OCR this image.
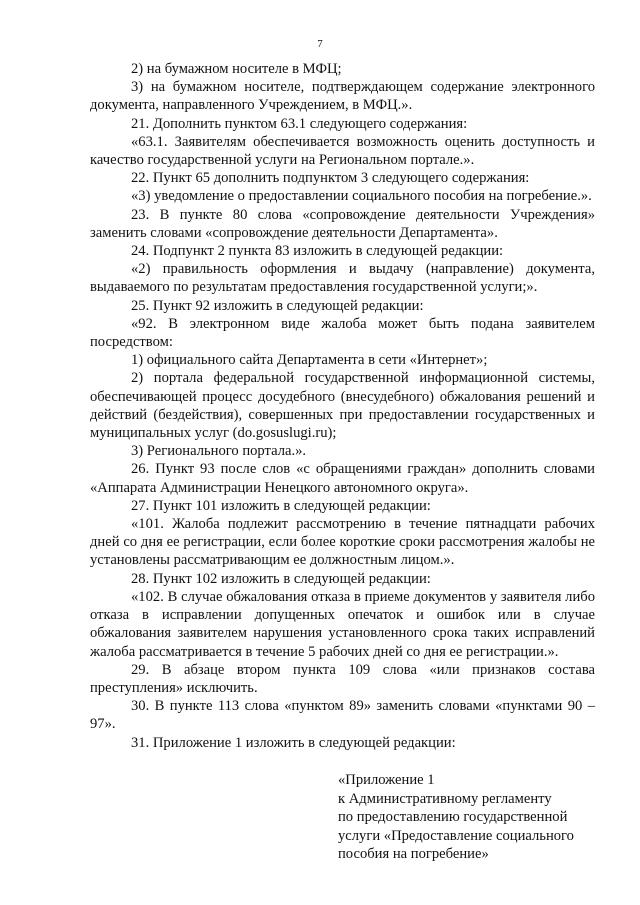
7

2) на бумажном носителе в МФЦ;

3) на бумажном носителе, подтверждающем содержание электронного документа, направленного Учреждением, в МФЦ.».

21. Дополнить пунктом 63.1 следующего содержания:

«63.1. Заявителям обеспечивается возможность оценить доступность и качество государственной услуги на Региональном портале.».

22. Пункт 65 дополнить подпунктом 3 следующего содержания:

«3) уведомление о предоставлении социального пособия на погребение.».

23. В пункте 80 слова «сопровождение деятельности Учреждения» заменить словами «сопровождение деятельности Департамента».

24. Подпункт 2 пункта 83 изложить в следующей редакции:

«2) правильность оформления и выдачу (направление) документа, выдаваемого по результатам предоставления государственной услуги;».

25. Пункт 92 изложить в следующей редакции:

«92. В электронном виде жалоба может быть подана заявителем посредством:

1) официального сайта Департамента в сети «Интернет»;

2) портала федеральной государственной информационной системы, обеспечивающей процесс досудебного (внесудебного) обжалования решений и действий (бездействия), совершенных при предоставлении государственных и муниципальных услуг (do.gosuslugi.ru);

3) Регионального портала.».

26. Пункт 93 после слов «с обращениями граждан» дополнить словами «Аппарата Администрации Ненецкого автономного округа».

27. Пункт 101 изложить в следующей редакции:

«101. Жалоба подлежит рассмотрению в течение пятнадцати рабочих дней со дня ее регистрации, если более короткие сроки рассмотрения жалобы не установлены рассматривающим ее должностным лицом.».

28. Пункт 102 изложить в следующей редакции:

«102. В случае обжалования отказа в приеме документов у заявителя либо отказа в исправлении допущенных опечаток и ошибок или в случае обжалования заявителем нарушения установленного срока таких исправлений жалоба рассматривается в течение 5 рабочих дней со дня ее регистрации.».

29. В абзаце втором пункта 109 слова «или признаков состава преступления» исключить.

30. В пункте 113 слова «пунктом 89» заменить словами «пунктами 90 – 97».

31. Приложение 1 изложить в следующей редакции:

«Приложение 1
к Административному регламенту
по предоставлению государственной
услуги «Предоставление социального
пособия на погребение»
